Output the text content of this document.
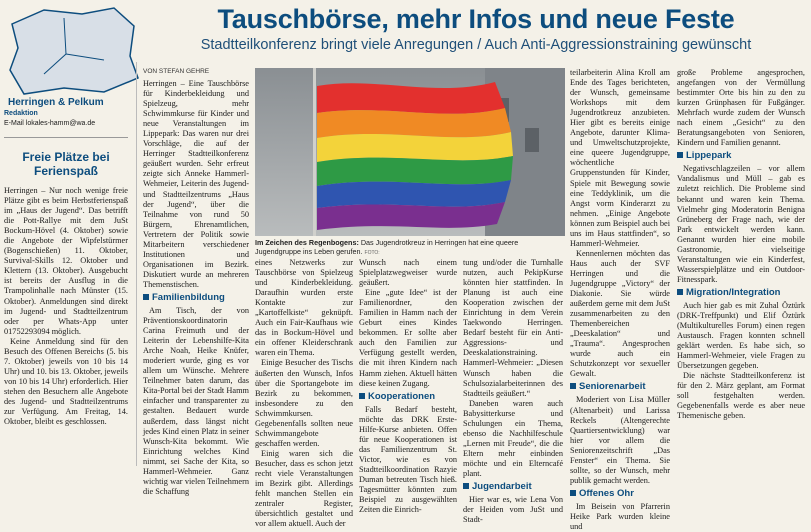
Tauschbörse, mehr Infos und neue Feste
Stadtteilkonferenz bringt viele Anregungen / Auch Anti-Aggressionstraining gewünscht
Herringen & Pelkum
Redaktion
E-Mail lokales-hamm@wa.de
Freie Plätze bei Ferienspaß

Herringen – Nur noch wenige freie Plätze gibt es beim Herbstferienspaß im „Haus der Jugend“. Das betrifft die Pott-Rallye mit dem JuSt Bockum-Hövel (4. Oktober) sowie die Angebote der Wipfelstürmer (Bogenschießen) 11. Oktober, Survival-Skills 12. Oktober und Klettern (13. Oktober). Ausgebucht ist bereits der Ausflug in die Trampolinhalle nach Münster (15. Oktober). Anmeldungen sind direkt im Jugend- und Stadtteilzentrum oder per Whats-App unter 01752293094 möglich.

Keine Anmeldung sind für den Besuch des Offenen Bereichs (5. bis 7. Oktober) jeweils von 10 bis 14 Uhr) und 10. bis 13. Oktober, jeweils von 10 bis 14 Uhr) erforderlich. Hier stehen den Besuchern alle Angebote des Jugend- und Stadtteilzentrums zur Verfügung. Am Freitag, 14. Oktober, bleibt es geschlossen.

VON STEFAN GEHRE

Herringen – Eine Tauschbörse für Kinderbekleidung und Spielzeug, mehr Schwimmkurse für Kinder und neue Veranstaltungen im Lippepark: Das waren nur drei Vorschläge, die auf der Herringer Stadtteilkonferenz geäußert wurden. Sehr erfreut zeigte sich Anneke Hammerl-Wehmeier, Leiterin des Jugend- und Stadtteilzentrums „Haus der Jugend“, über die Teilnahme von rund 50 Bürgern, Ehrenamtlichen, Vertretern der Politik sowie Mitarbeitern verschiedener Institutionen und Organisationen im Bezirk. Diskutiert wurde an mehreren Themenstischen.

Familienbildung

Am Tisch, der von Präventionskoordinatorin Carina Freimuth und der Leiterin der Lebenshilfe-Kita Arche Noah, Heike Knüfer, moderiert wurde, ging es vor allem um Wünsche. Mehrere Teilnehmer baten darum, das Kita-Portal bei der Stadt Hamm einfacher und transparenter zu gestalten. Bedauert wurde außerdem, dass längst nicht jedes Kind einen Platz in seiner Wunsch-Kita bekommt. Wie Einrichtung welches Kind nimmt, sei Sache der Kita, so Hammerl-Wehmeier. Ganz wichtig war vielen Teilnehmern die Schaffung

eines Netzwerks zur Tauschbörse von Spielzeug und Kinderbekleidung. Daraufhin wurden erste Kontakte zur „Kartoffelkiste“ geknüpft. Auch ein Fair-Kaufhaus wie das in Bockum-Hövel und ein offener Kleiderschrank waren ein Thema.

Einige Besucher des Tischs äußerten den Wunsch, Infos über die Sportangebote im Bezirk zu bekommen, insbesondere zu den Schwimmkursen. Gegebenenfalls sollten neue Schwimmangebote geschaffen werden.

Einig waren sich die Besucher, dass es schon jetzt recht viele Veranstaltungen im Bezirk gibt. Allerdings fehlt manchen Stellen ein zentraler Register, übersichtlich gestaltet und vor allem aktuell. Auch der

Wunsch nach einem Spielplatzwegweiser wurde geäußert.

Eine „gute Idee“ ist der Familienordner, den Familien in Hamm nach der Geburt eines Kindes bekommen. Er sollte aber auch den Familien zur Verfügung gestellt werden, die mit ihren Kindern nach Hamm ziehen. Aktuell hätten diese keinen Zugang.

Kooperationen

Falls Bedarf besteht, möchte das DRK Erste-Hilfe-Kurse anbieten. Offen für neue Kooperationen ist das Familienzentrum St. Victor, wie es von Stadtteilkoordination Razyie Duman betreuten Tisch hieß. Tagesmütter könnten zum Beispiel zu ausgewählten Zeiten die Einrich-

tung und/oder die Turnhalle nutzen, auch PekipKurse könnten hier stattfinden. In Planung ist auch eine Kooperation zwischen der Einrichtung in dem Verein Taekwondo Herringen. Bedarf besteht für ein Anti-Aggressions- und Deeskalationstraining. Hammerl-Wehmeier: „Diesen Wunsch haben die Schulsozialarbeiterinnen des Stadtteils geäußert.“

Daneben waren auch Babysitterkurse und Schulungen ein Thema, ebenso die Nachhilfeschule „Lernen mit Freude“, die die Eltern mehr einbinden möchte und ein Elterncafé plant.

Jugendarbeit

Hier war es, wie Lena Von der Heiden vom JuSt und Stadt-

teilarbeiterin Alina Kroll am Ende des Tages berichteten, der Wunsch, gemeinsame Workshops mit dem Jugendrotkreuz anzubieten. Hier gibt es bereits einige Angebote, darunter Klima- und Umweltschutzprojekte, eine queere Jugendgruppe, wöchentliche Gruppenstunden für Kinder, Spiele mit Bewegung sowie eine Teddyklinik, um die Angst vorm Kinderarzt zu nehmen. „Einige Angebote können zum Beispiel auch bei uns im Haus stattfinden“, so Hammerl-Wehmeier.

Kennenlernen möchten das Haus auch der SVF Herringen und die Jugendgruppe „Victory“ der Diakonie. Sie würde außerdem gerne mit dem JuSt zusammenarbeiten zu den Themenbereichen „Deeskalation“ und „Trauma“. Angesprochen wurde auch ein Schutzkonzept vor sexueller Gewalt.

Seniorenarbeit

Moderiert von Lisa Müller (Altenarbeit) und Larissa Reckels (Altengerechte Quartiersentwicklung) war hier vor allem die Seniorenzeitschrift „Das Fenster“ ein Thema. Sie sollte, so der Wunsch, mehr publik gemacht werden.

Offenes Ohr

Im Beisein von Pfarrerin Heike Park wurden kleine und

große Probleme angesprochen, angefangen von der Vermüllung bestimmter Orte bis hin zu den zu kurzen Grünphasen für Fußgänger. Mehrfach wurde zudem der Wunsch nach einem „Gesicht“ zu den Beratungsangeboten von Senioren, Kindern und Familien genannt.

Lippepark

Negativschlagzeilen – vor allem Vandalismus und Müll – gab es zuletzt reichlich. Die Probleme sind bekannt und waren kein Thema. Vielmehr ging Moderatorin Benigna Grüneberg der Frage nach, wie der Park entwickelt werden kann. Genannt wurden hier eine mobile Gastronomie, vielseitige Veranstaltungen wie ein Kinderfest, Wasserspielplätze und ein Outdoor-Fitnesspark.

Migration/Integration

Auch hier gab es mit Zuhal Öztürk (DRK-Treffpunkt) und Elif Öztürk (Multikulturelles Forum) einen regen Austausch. Fragen konnten schnell geklärt werden. Es habe sich, so Hammerl-Wehmeier, viele Fragen zu Übersetzungen gegeben.

Die nächste Stadtteilkonferenz ist für den 2. März geplant, am Format soll festgehalten werden. Gegebenenfalls werde es aber neue Themenische geben.

Im Zeichen des Regenbogens: Das Jugendrotkreuz in Herringen hat eine queere Jugendgruppe ins Leben gerufen. FOTO:
